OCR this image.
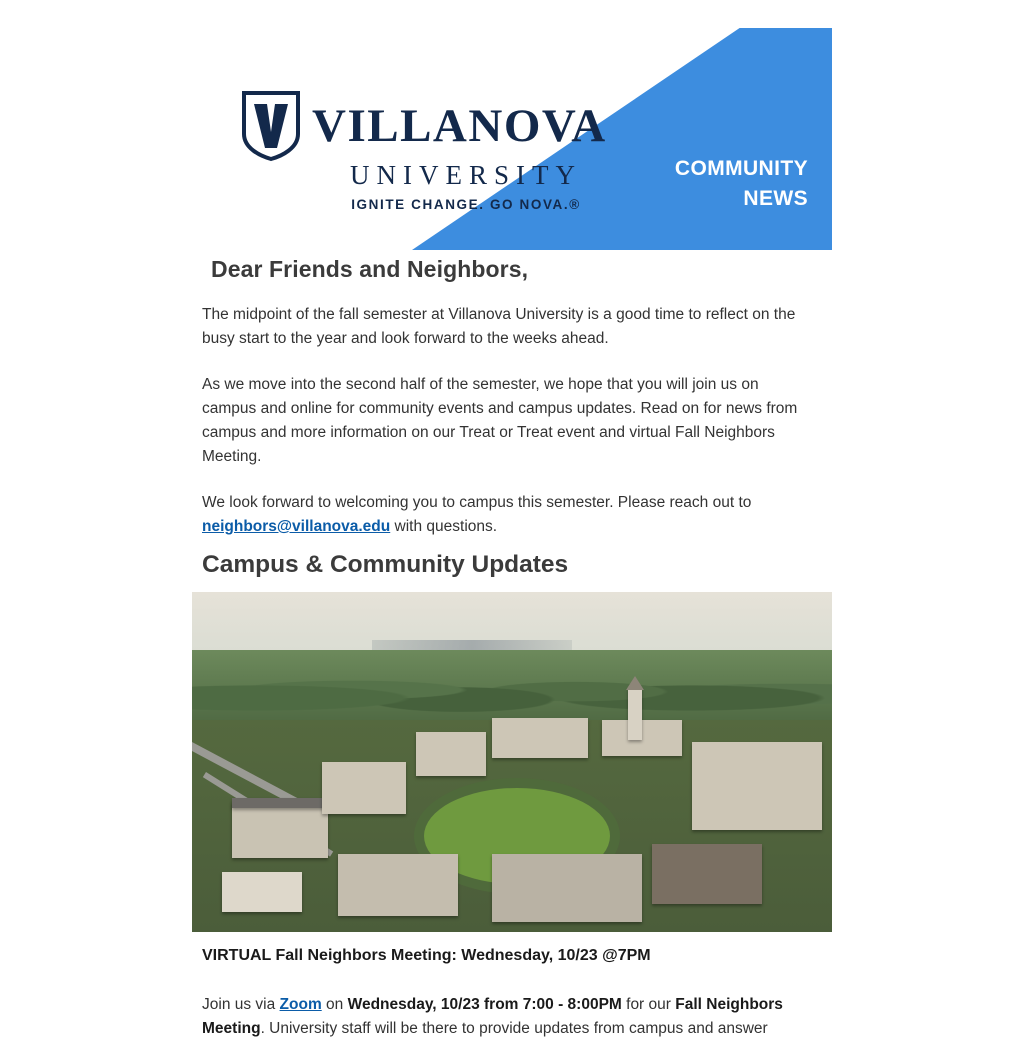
COMMUNITY
NEWS
VILLANOVA
UNIVERSITY
IGNITE CHANGE. GO NOVA.®
Dear Friends and Neighbors,

The midpoint of the fall semester at Villanova University is a good time to reflect on the busy start to the year and look forward to the weeks ahead.

As we move into the second half of the semester, we hope that you will join us on campus and online for community events and campus updates. Read on for news from campus and more information on our Treat or Treat event and virtual Fall Neighbors Meeting.

We look forward to welcoming you to campus this semester. Please reach out to neighbors@villanova.edu with questions.

Campus & Community Updates
VIRTUAL Fall Neighbors Meeting: Wednesday, 10/23 @7PM
Join us via Zoom on Wednesday, 10/23 from 7:00 - 8:00PM for our Fall Neighbors Meeting. University staff will be there to provide updates from campus and answer
